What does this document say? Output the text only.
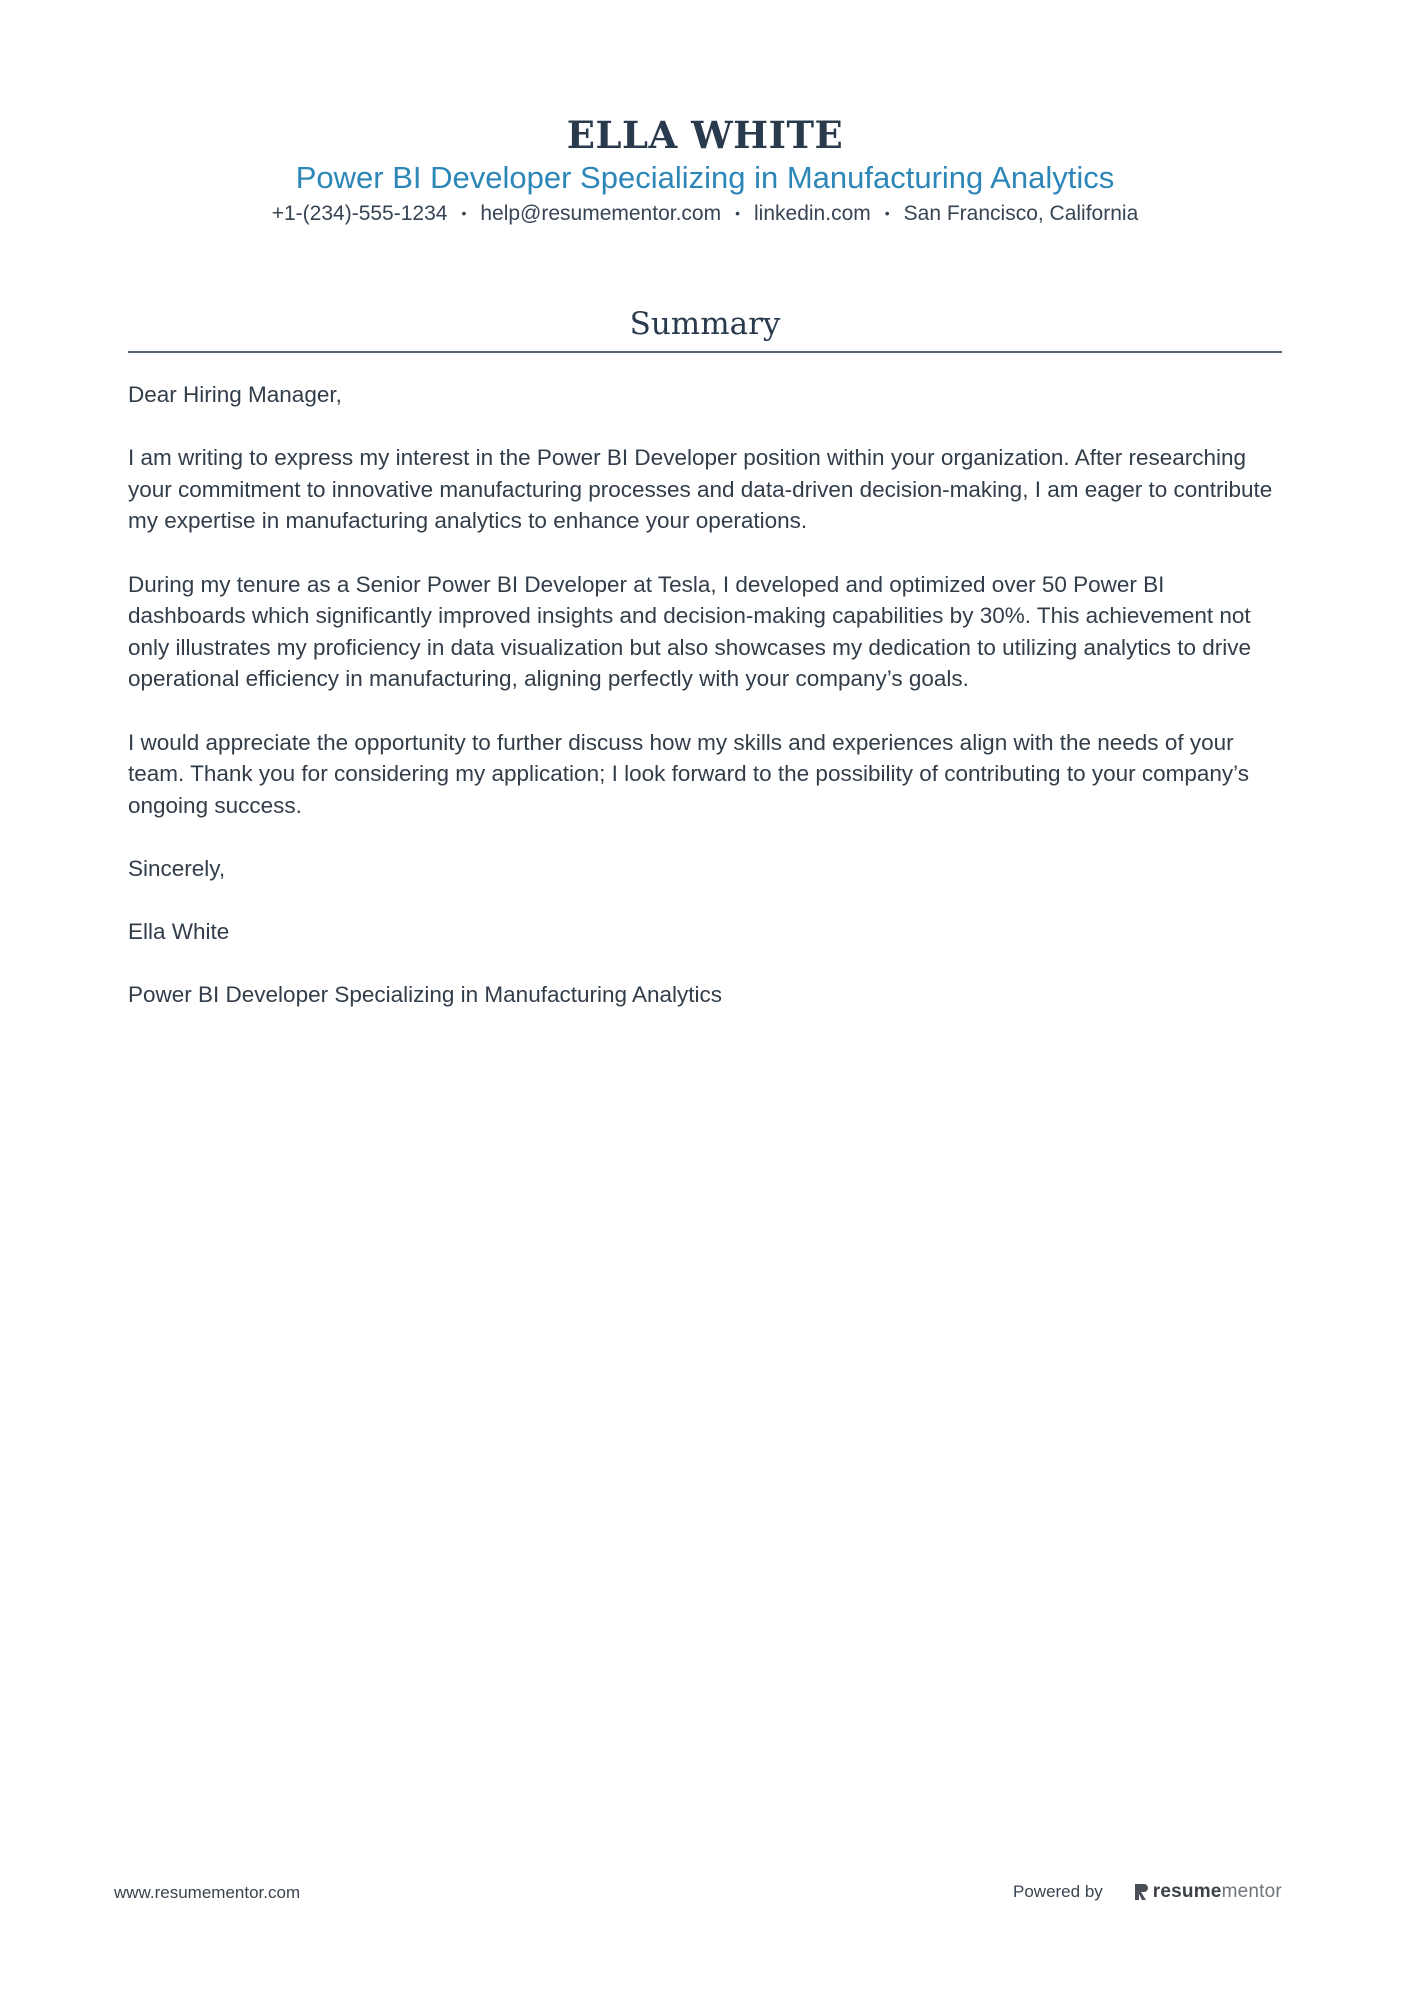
ELLA WHITE
Power BI Developer Specializing in Manufacturing Analytics
+1-(234)-555-1234 • help@resumementor.com • linkedin.com • San Francisco, California
Summary

Dear Hiring Manager,

I am writing to express my interest in the Power BI Developer position within your organization. After researching your commitment to innovative manufacturing processes and data-driven decision-making, I am eager to contribute my expertise in manufacturing analytics to enhance your operations.

During my tenure as a Senior Power BI Developer at Tesla, I developed and optimized over 50 Power BI dashboards which significantly improved insights and decision-making capabilities by 30%. This achievement not only illustrates my proficiency in data visualization but also showcases my dedication to utilizing analytics to drive operational efficiency in manufacturing, aligning perfectly with your company’s goals.

I would appreciate the opportunity to further discuss how my skills and experiences align with the needs of your team. Thank you for considering my application; I look forward to the possibility of contributing to your company’s ongoing success.

Sincerely,

Ella White

Power BI Developer Specializing in Manufacturing Analytics

www.resumementor.com	Powered by	resumementor
